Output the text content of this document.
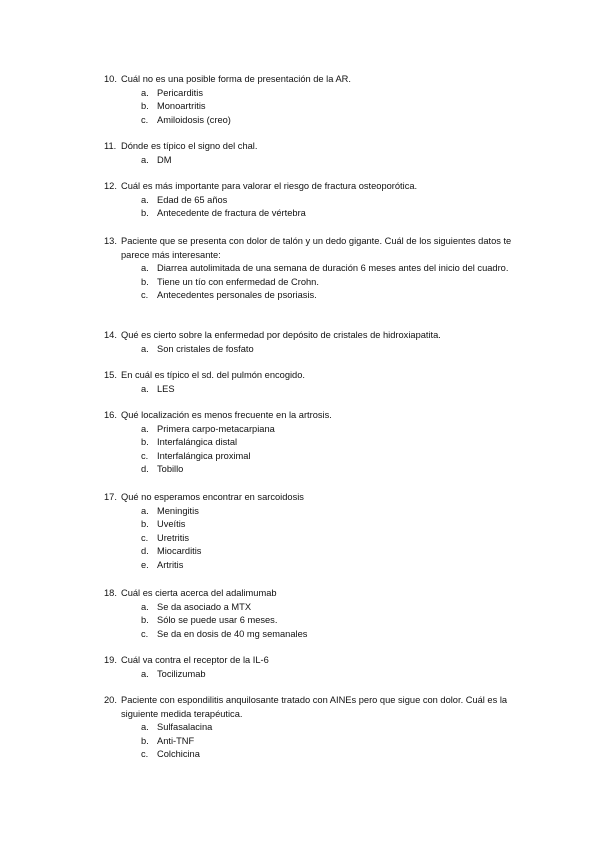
10. Cuál no es una posible forma de presentación de la AR.
a. Pericarditis
b. Monoartritis
c. Amiloidosis (creo)
11. Dónde es típico el signo del chal.
a. DM
12. Cuál es más importante para valorar el riesgo de fractura osteoporótica.
a. Edad de 65 años
b. Antecedente de fractura de vértebra
13. Paciente que se presenta con dolor de talón y un dedo gigante. Cuál de los siguientes datos te parece más interesante:
a. Diarrea autolimitada de una semana de duración 6 meses antes del inicio del cuadro.
b. Tiene un tío con enfermedad de Crohn.
c. Antecedentes personales de psoriasis.
14. Qué es cierto sobre la enfermedad por depósito de cristales de hidroxiapatita.
a. Son cristales de fosfato
15. En cuál es típico el sd. del pulmón encogido.
a. LES
16. Qué localización es menos frecuente en la artrosis.
a. Primera carpo-metacarpiana
b. Interfalángica distal
c. Interfalángica proximal
d. Tobillo
17. Qué no esperamos encontrar en sarcoidosis
a. Meningitis
b. Uveítis
c. Uretritis
d. Miocarditis
e. Artritis
18. Cuál es cierta acerca del adalimumab
a. Se da asociado a MTX
b. Sólo se puede usar 6 meses.
c. Se da en dosis de 40 mg semanales
19. Cuál va contra el receptor de la IL-6
a. Tocilizumab
20. Paciente con espondilitis anquilosante tratado con AINEs pero que sigue con dolor. Cuál es la siguiente medida terapéutica.
a. Sulfasalacina
b. Anti-TNF
c. Colchicina
